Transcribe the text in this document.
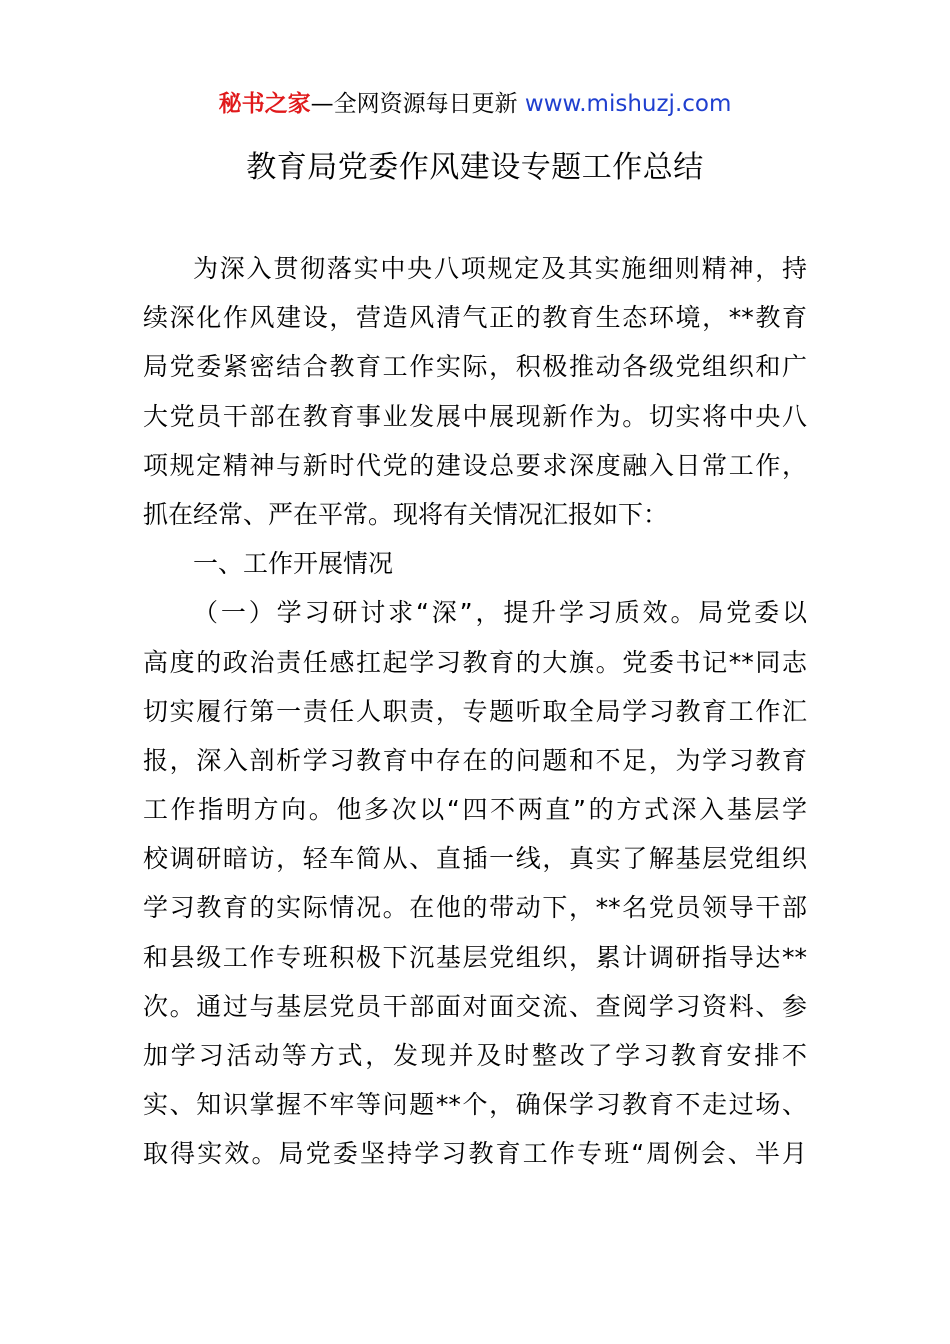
秘书之家—全网资源每日更新 www.mishuzj.com
教育局党委作风建设专题工作总结
为深入贯彻落实中央八项规定及其实施细则精神，持
续深化作风建设，营造风清气正的教育生态环境，**教育
局党委紧密结合教育工作实际，积极推动各级党组织和广
大党员干部在教育事业发展中展现新作为。切实将中央八
项规定精神与新时代党的建设总要求深度融入日常工作，
抓在经常、严在平常。现将有关情况汇报如下：
一、工作开展情况
（一）学习研讨求“深”，提升学习质效。局党委以
高度的政治责任感扛起学习教育的大旗。党委书记**同志
切实履行第一责任人职责，专题听取全局学习教育工作汇
报，深入剖析学习教育中存在的问题和不足，为学习教育
工作指明方向。他多次以“四不两直”的方式深入基层学
校调研暗访，轻车简从、直插一线，真实了解基层党组织
学习教育的实际情况。在他的带动下，**名党员领导干部
和县级工作专班积极下沉基层党组织，累计调研指导达**
次。通过与基层党员干部面对面交流、查阅学习资料、参
加学习活动等方式，发现并及时整改了学习教育安排不
实、知识掌握不牢等问题**个，确保学习教育不走过场、
取得实效。局党委坚持学习教育工作专班“周例会、半月
